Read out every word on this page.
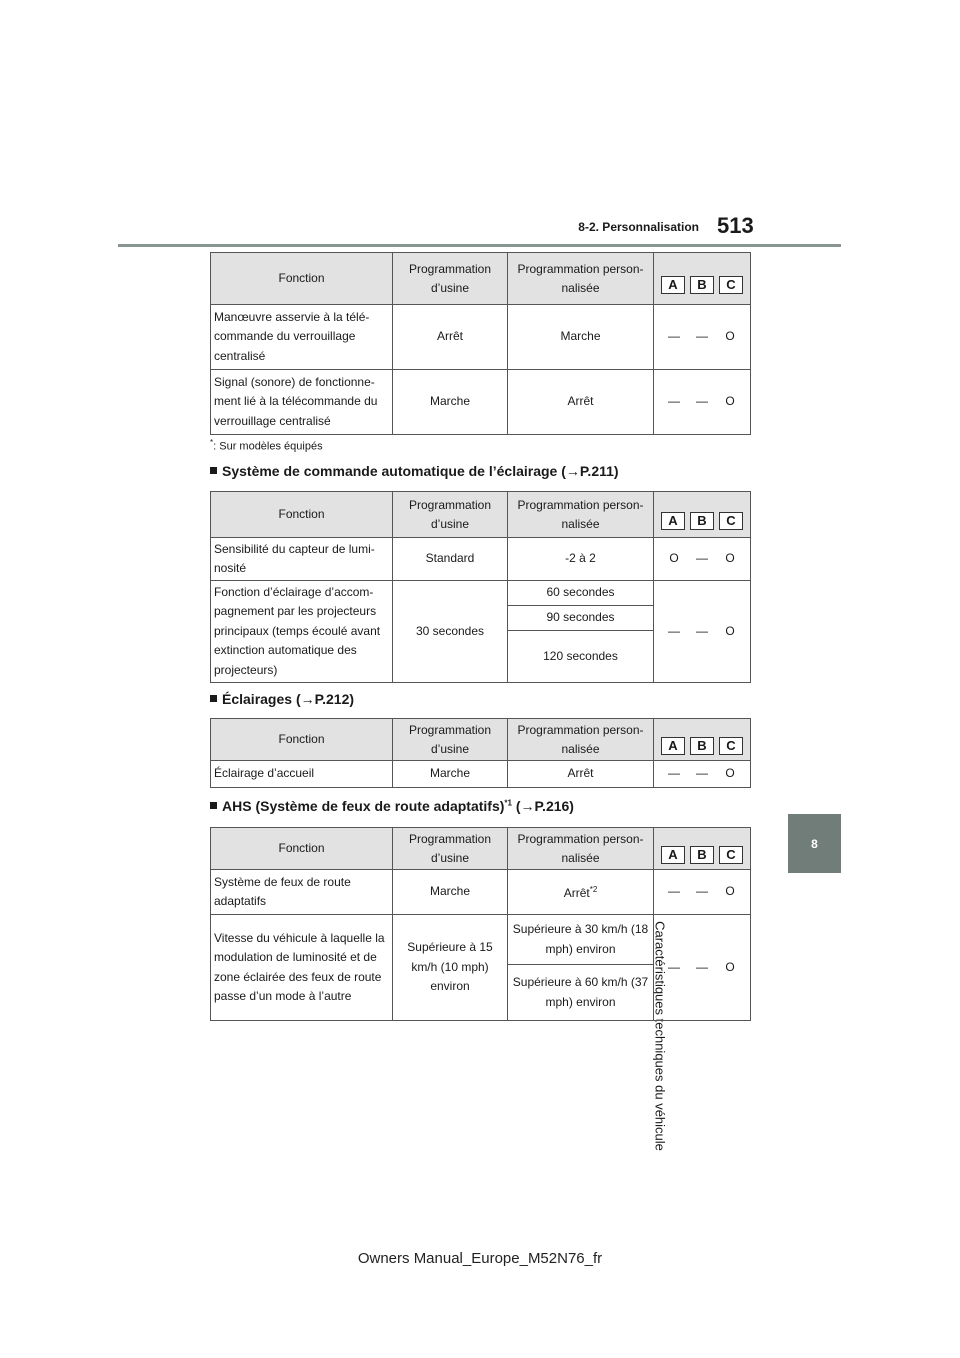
8-2. Personnalisation 513
8
Caractéristiques techniques du véhicule
Fonction	Programmation d’usine	Programmation person-nalisée	A B C

Manœuvre asservie à la télé-commande du verrouillage centralisé	Arrêt	Marche	— — O

Signal (sonore) de fonctionne-ment lié à la télécommande du verrouillage centralisé	Marche	Arrêt	— — O
*: Sur modèles équipés
Système de commande automatique de l’éclairage (→P.211)
Fonction	Programmation d’usine	Programmation person-nalisée	A B C

Sensibilité du capteur de lumi-nosité	Standard	-2 à 2	O — O

Fonction d’éclairage d’accom-pagnement par les projecteurs principaux (temps écoulé avant extinction automatique des projecteurs)	30 secondes	60 secondes	— — O

		90 secondes	
		120 secondes	
Éclairages (→P.212)
Fonction	Programmation d’usine	Programmation person-nalisée	A B C

Éclairage d’accueil	Marche	Arrêt	— — O
AHS (Système de feux de route adaptatifs)$^{*1}$ (→P.216)
Fonction	Programmation d’usine	Programmation person-nalisée	A B C

Système de feux de route adaptatifs	Marche	Arrêt$^{*2}$	— — O

Vitesse du véhicule à laquelle la modulation de luminosité et de zone éclairée des feux de route passe d’un mode à l’autre	Supérieure à 15 km/h (10 mph) environ	Supérieure à 30 km/h (18 mph) environ	— — O

		Supérieure à 60 km/h (37 mph) environ	
Owners Manual_Europe_M52N76_fr
